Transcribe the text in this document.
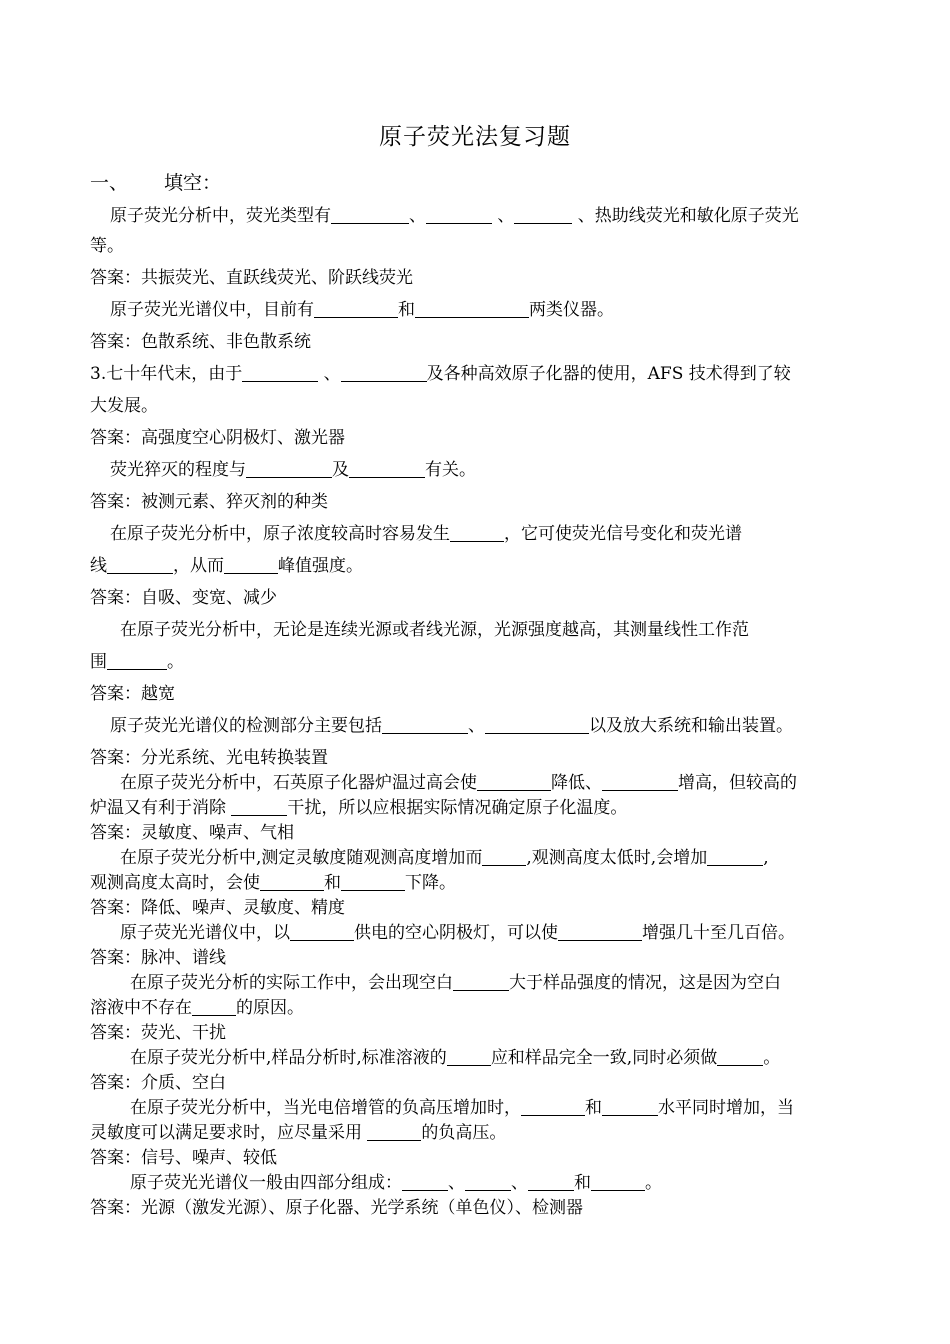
原子荧光法复习题
一、 填空：
原子荧光分析中，荧光类型有	、	、	、热助线荧光和敏化原子荧光
等。
答案：共振荧光、直跃线荧光、阶跃线荧光
原子荧光光谱仪中，目前有	和	两类仪器。
答案：色散系统、非色散系统
3.七十年代末，由于	、	及各种高效原子化器的使用，AFS 技术得到了较
大发展。
答案：高强度空心阴极灯、激光器
荧光猝灭的程度与	及	有关。
答案：被测元素、猝灭剂的种类
在原子荧光分析中，原子浓度较高时容易发生	，它可使荧光信号变化和荧光谱
线	，从而	峰值强度。
答案：自吸、变宽、减少
在原子荧光分析中，无论是连续光源或者线光源，光源强度越高，其测量线性工作范
围	。
答案：越宽
原子荧光光谱仪的检测部分主要包括	、	以及放大系统和输出装置。
答案：分光系统、光电转换装置
在原子荧光分析中，石英原子化器炉温过高会使	降低、	增高，但较高的
炉温又有利于消除	干扰，所以应根据实际情况确定原子化温度。
答案：灵敏度、噪声、气相
在原子荧光分析中,测定灵敏度随观测高度增加而	,观测高度太低时,会增加	,
观测高度太高时，会使	和	下降。
答案：降低、噪声、灵敏度、精度
原子荧光光谱仪中，以	供电的空心阴极灯，可以使	增强几十至几百倍。
答案：脉冲、谱线
在原子荧光分析的实际工作中，会出现空白	大于样品强度的情况，这是因为空白
溶液中不存在	的原因。
答案：荧光、干扰
在原子荧光分析中,样品分析时,标准溶液的	应和样品完全一致,同时必须做	。
答案：介质、空白
在原子荧光分析中，当光电倍增管的负高压增加时，	和	水平同时增加，当
灵敏度可以满足要求时，应尽量采用	的负高压。
答案：信号、噪声、较低
原子荧光光谱仪一般由四部分组成：	、	、	和	。
答案：光源（激发光源）、原子化器、光学系统（单色仪）、检测器
